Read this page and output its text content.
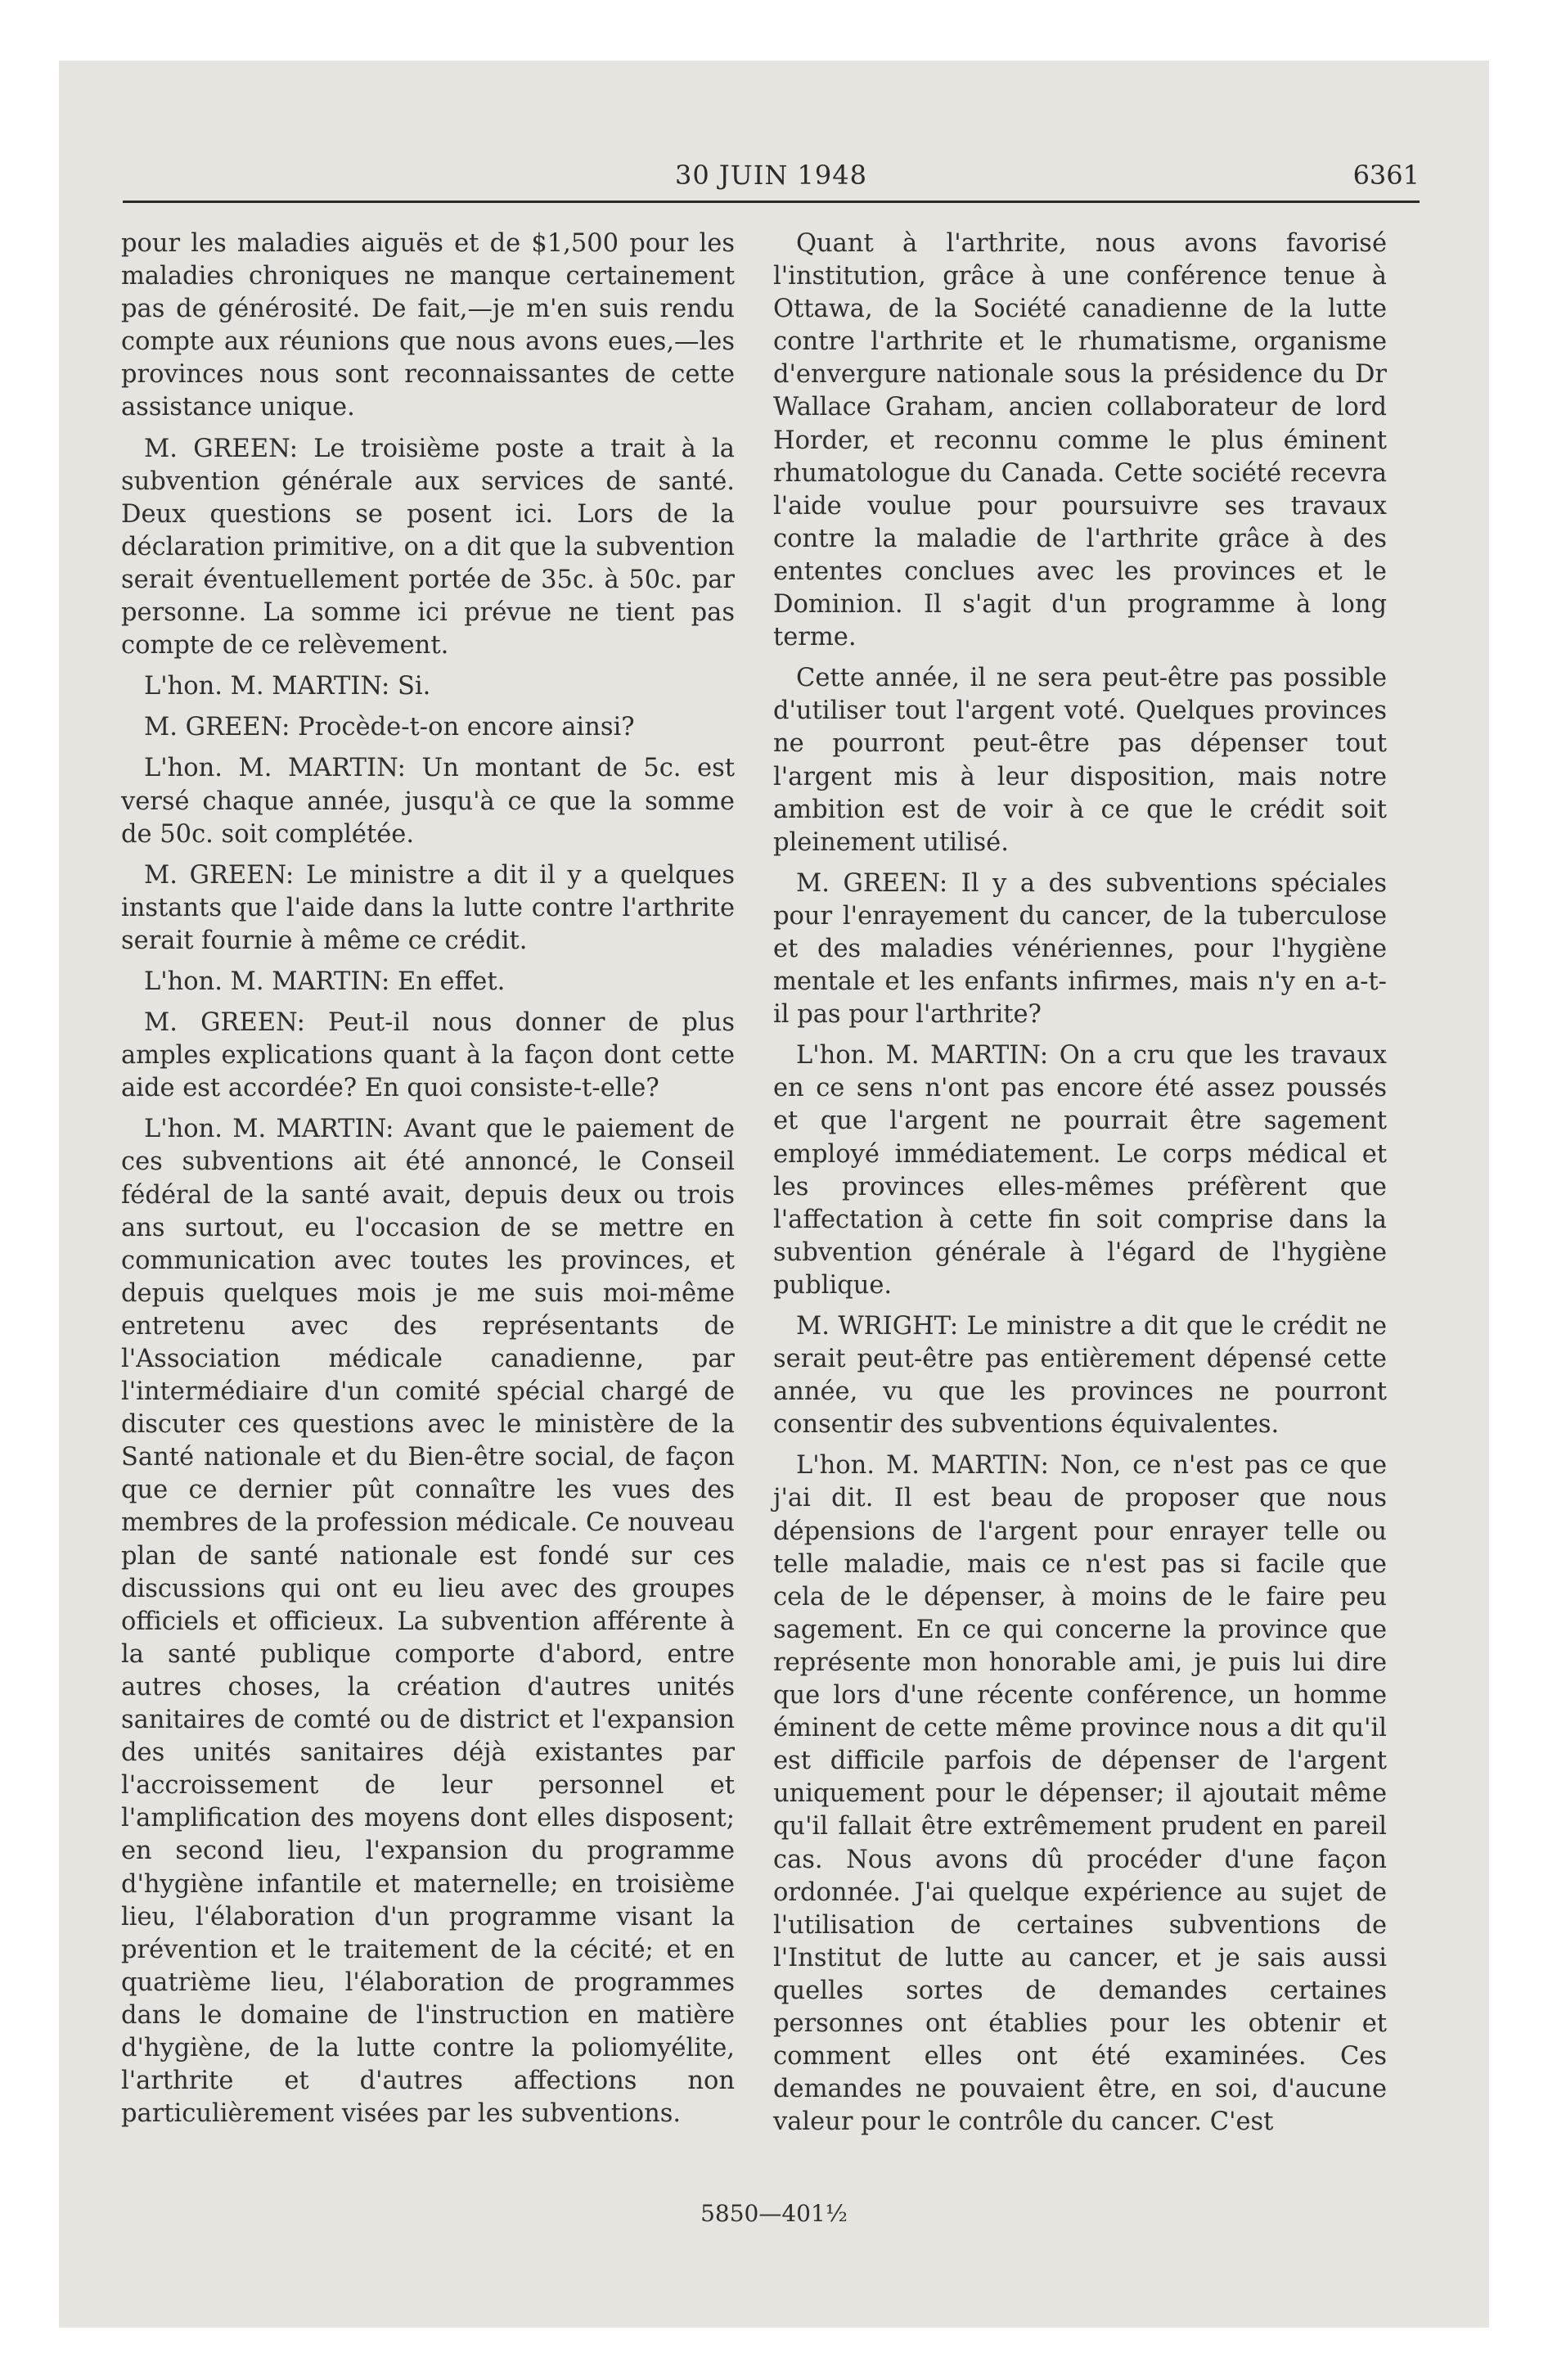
30 JUIN 1948	6361

pour les maladies aiguës et de $1,500 pour les maladies chroniques ne manque certainement pas de générosité. De fait,—je m'en suis rendu compte aux réunions que nous avons eues,—les provinces nous sont reconnaissantes de cette assistance unique.

M. GREEN: Le troisième poste a trait à la subvention générale aux services de santé. Deux questions se posent ici. Lors de la déclaration primitive, on a dit que la subvention serait éventuellement portée de 35c. à 50c. par personne. La somme ici prévue ne tient pas compte de ce relèvement.

L'hon. M. MARTIN: Si.

M. GREEN: Procède-t-on encore ainsi?

L'hon. M. MARTIN: Un montant de 5c. est versé chaque année, jusqu'à ce que la somme de 50c. soit complétée.

M. GREEN: Le ministre a dit il y a quelques instants que l'aide dans la lutte contre l'arthrite serait fournie à même ce crédit.

L'hon. M. MARTIN: En effet.

M. GREEN: Peut-il nous donner de plus amples explications quant à la façon dont cette aide est accordée? En quoi consiste-t-elle?

L'hon. M. MARTIN: Avant que le paiement de ces subventions ait été annoncé, le Conseil fédéral de la santé avait, depuis deux ou trois ans surtout, eu l'occasion de se mettre en communication avec toutes les provinces, et depuis quelques mois je me suis moi-même entretenu avec des représentants de l'Association médicale canadienne, par l'intermédiaire d'un comité spécial chargé de discuter ces questions avec le ministère de la Santé nationale et du Bien-être social, de façon que ce dernier pût connaître les vues des membres de la profession médicale. Ce nouveau plan de santé nationale est fondé sur ces discussions qui ont eu lieu avec des groupes officiels et officieux. La subvention afférente à la santé publique comporte d'abord, entre autres choses, la création d'autres unités sanitaires de comté ou de district et l'expansion des unités sanitaires déjà existantes par l'accroissement de leur personnel et l'amplification des moyens dont elles disposent; en second lieu, l'expansion du programme d'hygiène infantile et maternelle; en troisième lieu, l'élaboration d'un programme visant la prévention et le traitement de la cécité; et en quatrième lieu, l'élaboration de programmes dans le domaine de l'instruction en matière d'hygiène, de la lutte contre la poliomyélite, l'arthrite et d'autres affections non particulièrement visées par les subventions.

Quant à l'arthrite, nous avons favorisé l'institution, grâce à une conférence tenue à Ottawa, de la Société canadienne de la lutte contre l'arthrite et le rhumatisme, organisme d'envergure nationale sous la présidence du Dr Wallace Graham, ancien collaborateur de lord Horder, et reconnu comme le plus éminent rhumatologue du Canada. Cette société recevra l'aide voulue pour poursuivre ses travaux contre la maladie de l'arthrite grâce à des ententes conclues avec les provinces et le Dominion. Il s'agit d'un programme à long terme.

Cette année, il ne sera peut-être pas possible d'utiliser tout l'argent voté. Quelques provinces ne pourront peut-être pas dépenser tout l'argent mis à leur disposition, mais notre ambition est de voir à ce que le crédit soit pleinement utilisé.

M. GREEN: Il y a des subventions spéciales pour l'enrayement du cancer, de la tuberculose et des maladies vénériennes, pour l'hygiène mentale et les enfants infirmes, mais n'y en a-t-il pas pour l'arthrite?

L'hon. M. MARTIN: On a cru que les travaux en ce sens n'ont pas encore été assez poussés et que l'argent ne pourrait être sagement employé immédiatement. Le corps médical et les provinces elles-mêmes préfèrent que l'affectation à cette fin soit comprise dans la subvention générale à l'égard de l'hygiène publique.

M. WRIGHT: Le ministre a dit que le crédit ne serait peut-être pas entièrement dépensé cette année, vu que les provinces ne pourront consentir des subventions équivalentes.

L'hon. M. MARTIN: Non, ce n'est pas ce que j'ai dit. Il est beau de proposer que nous dépensions de l'argent pour enrayer telle ou telle maladie, mais ce n'est pas si facile que cela de le dépenser, à moins de le faire peu sagement. En ce qui concerne la province que représente mon honorable ami, je puis lui dire que lors d'une récente conférence, un homme éminent de cette même province nous a dit qu'il est difficile parfois de dépenser de l'argent uniquement pour le dépenser; il ajoutait même qu'il fallait être extrêmement prudent en pareil cas. Nous avons dû procéder d'une façon ordonnée. J'ai quelque expérience au sujet de l'utilisation de certaines subventions de l'Institut de lutte au cancer, et je sais aussi quelles sortes de demandes certaines personnes ont établies pour les obtenir et comment elles ont été examinées. Ces demandes ne pouvaient être, en soi, d'aucune valeur pour le contrôle du cancer. C'est

5850—401½
